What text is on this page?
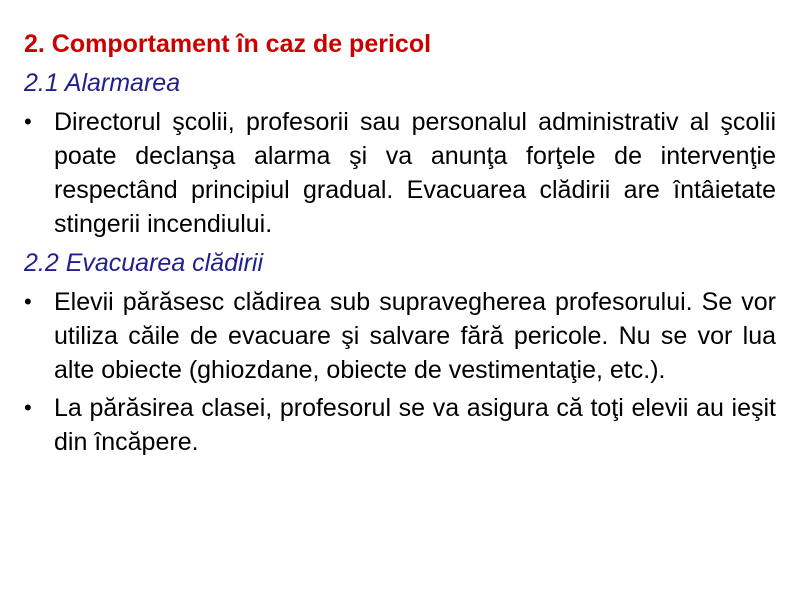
2. Comportament în caz de pericol
2.1 Alarmarea
• Directorul şcolii, profesorii sau personalul administrativ al şcolii poate declanşa alarma şi va anunţa forţele de intervenţie respectând principiul gradual. Evacuarea clădirii are întâietate stingerii incendiului.
2.2 Evacuarea clădirii
• Elevii părăsesc clădirea sub supravegherea profesorului. Se vor utiliza căile de evacuare şi salvare fără pericole. Nu se vor lua alte obiecte (ghiozdane, obiecte de vestimentaţie, etc.).
• La părăsirea clasei, profesorul se va asigura că toţi elevii au ieşit din încăpere.
